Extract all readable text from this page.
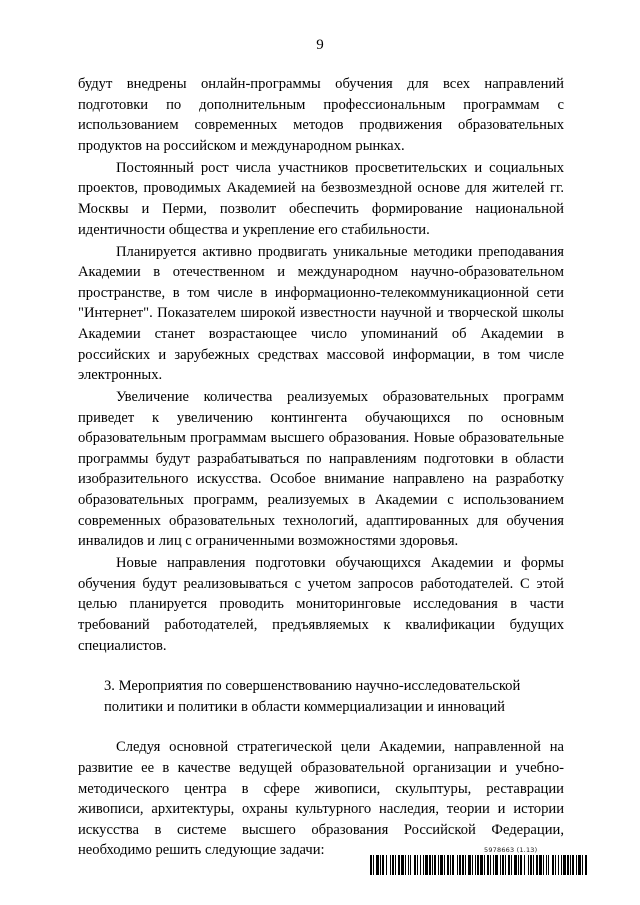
9

будут внедрены онлайн-программы обучения для всех направлений подготовки по дополнительным профессиональным программам с использованием современных методов продвижения образовательных продуктов на российском и международном рынках.

Постоянный рост числа участников просветительских и социальных проектов, проводимых Академией на безвозмездной основе для жителей гг. Москвы и Перми, позволит обеспечить формирование национальной идентичности общества и укрепление его стабильности.

Планируется активно продвигать уникальные методики преподавания Академии в отечественном и международном научно-образовательном пространстве, в том числе в информационно-телекоммуникационной сети "Интернет". Показателем широкой известности научной и творческой школы Академии станет возрастающее число упоминаний об Академии в российских и зарубежных средствах массовой информации, в том числе электронных.

Увеличение количества реализуемых образовательных программ приведет к увеличению контингента обучающихся по основным образовательным программам высшего образования. Новые образовательные программы будут разрабатываться по направлениям подготовки в области изобразительного искусства. Особое внимание направлено на разработку образовательных программ, реализуемых в Академии с использованием современных образовательных технологий, адаптированных для обучения инвалидов и лиц с ограниченными возможностями здоровья.

Новые направления подготовки обучающихся Академии и формы обучения будут реализовываться с учетом запросов работодателей. С этой целью планируется проводить мониторинговые исследования в части требований работодателей, предъявляемых к квалификации будущих специалистов.

3. Мероприятия по совершенствованию научно-исследовательской
политики и политики в области коммерциализации и инноваций

Следуя основной стратегической цели Академии, направленной на развитие ее в качестве ведущей образовательной организации и учебно-методического центра в сфере живописи, скульптуры, реставрации живописи, архитектуры, охраны культурного наследия, теории и истории искусства в системе высшего образования Российской Федерации, необходимо решить следующие задачи:	5978663 (1.13)
